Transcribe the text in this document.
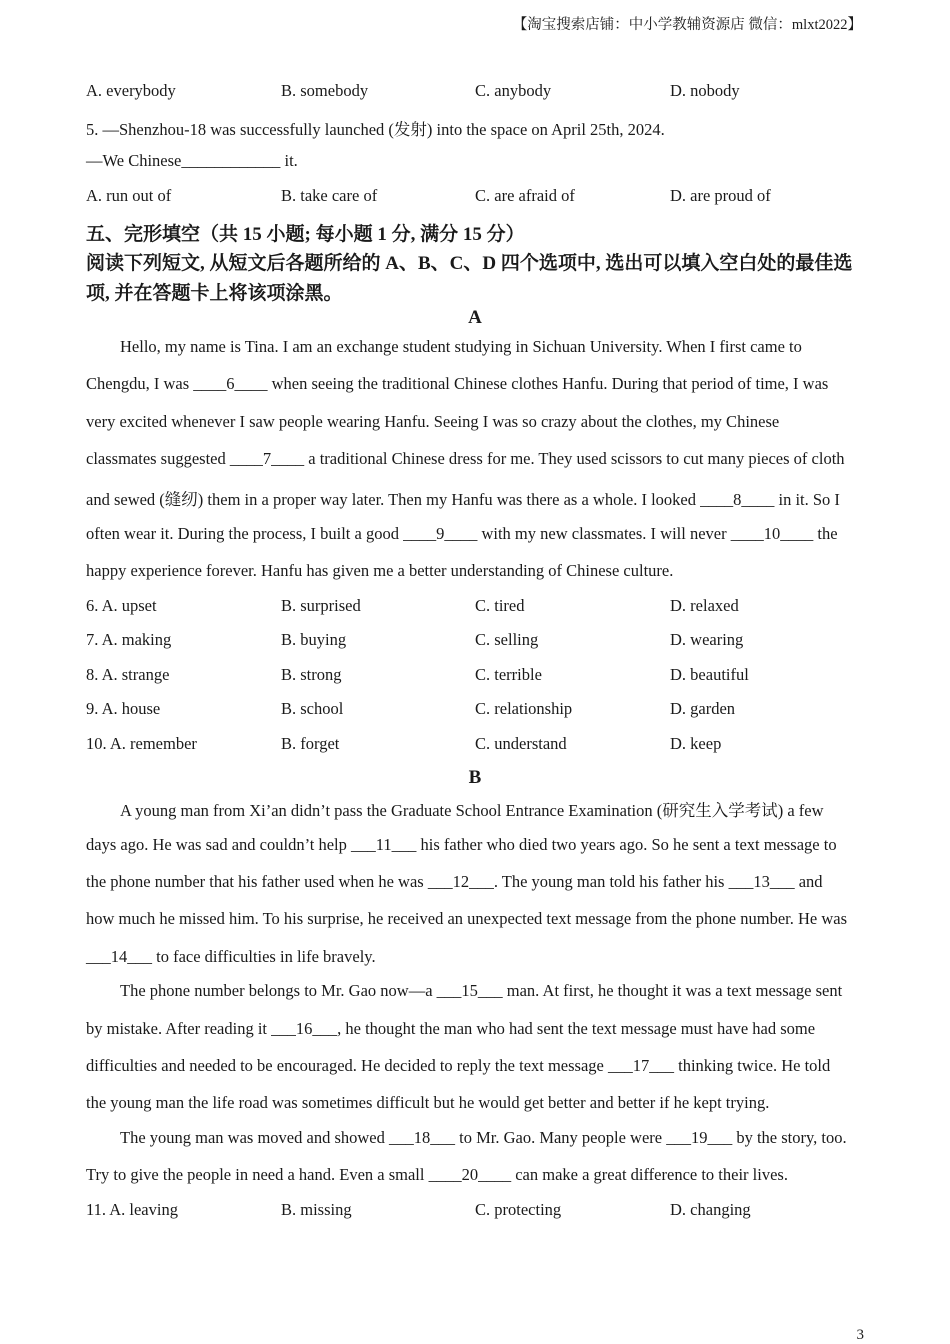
【淘宝搜索店铺：中小学教辅资源店 微信：mlxt2022】
A. everybody	B. somebody	C. anybody	D. nobody
5. —Shenzhou-18 was successfully launched (发射) into the space on April 25th, 2024.
—We Chinese____________ it.
A. run out of	B. take care of	C. are afraid of	D. are proud of
五、完形填空（共 15 小题; 每小题 1 分, 满分 15 分）
阅读下列短文, 从短文后各题所给的 A、B、C、D 四个选项中, 选出可以填入空白处的最佳选
项, 并在答题卡上将该项涂黑。
A
Hello, my name is Tina. I am an exchange student studying in Sichuan University. When I first came to
Chengdu, I was ____6____ when seeing the traditional Chinese clothes Hanfu. During that period of time, I was
very excited whenever I saw people wearing Hanfu. Seeing I was so crazy about the clothes, my Chinese
classmates suggested ____7____ a traditional Chinese dress for me. They used scissors to cut many pieces of cloth
and sewed (缝纫) them in a proper way later. Then my Hanfu was there as a whole. I looked ____8____ in it. So I
often wear it. During the process, I built a good ____9____ with my new classmates. I will never ____10____ the
happy experience forever. Hanfu has given me a better understanding of Chinese culture.
6. A. upset	B. surprised	C. tired	D. relaxed
7. A. making	B. buying	C. selling	D. wearing
8. A. strange	B. strong	C. terrible	D. beautiful
9. A. house	B. school	C. relationship	D. garden
10. A. remember	B. forget	C. understand	D. keep
B
A young man from Xi’an didn’t pass the Graduate School Entrance Examination (研究生入学考试) a few
days ago. He was sad and couldn’t help ___11___ his father who died two years ago. So he sent a text message to
the phone number that his father used when he was ___12___. The young man told his father his ___13___ and
how much he missed him. To his surprise, he received an unexpected text message from the phone number. He was
___14___ to face difficulties in life bravely.
The phone number belongs to Mr. Gao now—a ___15___ man. At first, he thought it was a text message sent
by mistake. After reading it ___16___, he thought the man who had sent the text message must have had some
difficulties and needed to be encouraged. He decided to reply the text message ___17___ thinking twice. He told
the young man the life road was sometimes difficult but he would get better and better if he kept trying.
The young man was moved and showed ___18___ to Mr. Gao. Many people were ___19___ by the story, too.
Try to give the people in need a hand. Even a small ____20____ can make a great difference to their lives.
11. A. leaving	B. missing	C. protecting	D. changing
3
